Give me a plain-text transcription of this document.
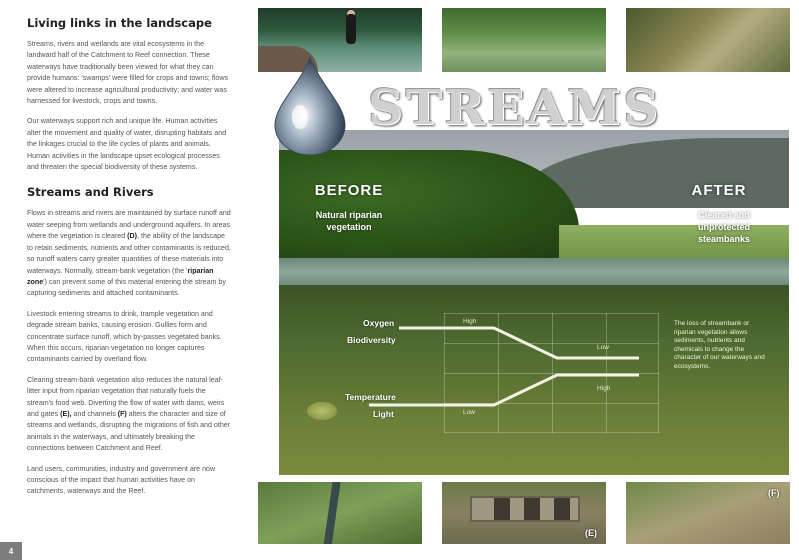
Living links in the landscape

Streams, rivers and wetlands are vital ecosystems in the landward half of the Catchment to Reef connection. These waterways have traditionally been viewed for what they can provide humans: 'swamps' were filled for crops and towns; flows were altered to increase agricultural productivity; and water was harnessed for livestock, crops and towns.

Our waterways support rich and unique life. Human activities alter the movement and quality of water, disrupting habitats and the linkages crucial to the life cycles of plants and animals. Human activities in the landscape upset ecological processes and threaten the special biodiversity of these systems.

Streams and Rivers

Flows in streams and rivers are maintained by surface runoff and water seeping from wetlands and underground aquifers. In areas where the vegetation is cleared (D), the ability of the landscape to retain sediments, nutrients and other contaminants is reduced, so runoff waters carry greater quantities of these materials into waterways. Normally, stream-bank vegetation (the 'riparian zone') can prevent some of this material entering the stream by capturing sediments and attached contaminants.

Livestock entering streams to drink, trample vegetation and degrade stream banks, causing erosion. Gullies form and concentrate surface runoff, which by-passes vegetated banks. When this occurs, riparian vegetation no longer captures contaminants carried by overland flow.

Clearing stream-bank vegetation also reduces the natural leaf-litter input from riparian vegetation that naturally fuels the stream's food web. Diverting the flow of water with dams, weirs and gates (E), and channels (F) alters the character and size of streams and wetlands, disrupting the migrations of fish and other animals in the waterways, and ultimately breaking the connections between Catchment and Reef.

Land users, communities, industry and government are now conscious of the impact that human activities have on catchments, waterways and the Reef.

4
BEFORE
Natural riparian vegetation
AFTER
Cleared and unprotected steambanks
Oxygen
Biodiversity
Temperature
Light
High
Low
High
Low
The loss of streambank or riparian vegetation allows sediments, nutrients and chemicals to change the character of our waterways and ecosystems.
STREAMS
(E)
(F)
